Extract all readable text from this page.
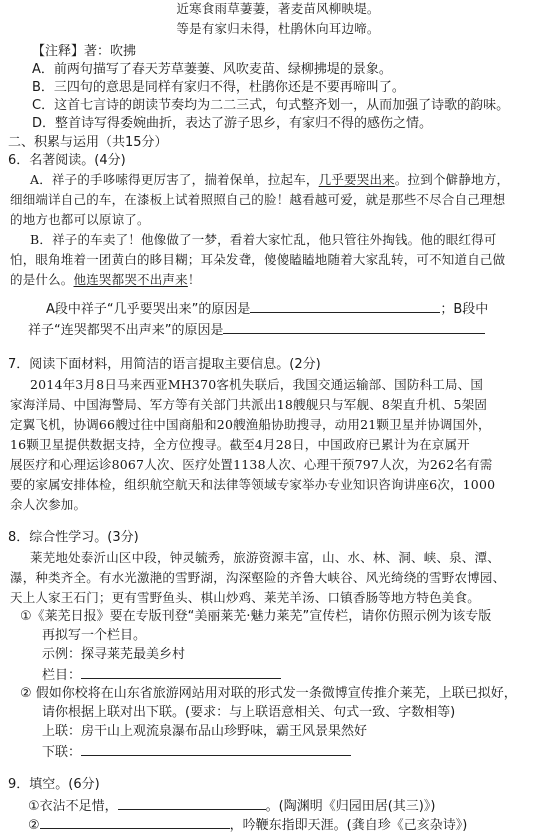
近寒食雨草萋萋，著麦苗风柳映堤。
等是有家归未得，杜鹃休向耳边啼。
【注释】著：吹拂
A．前两句描写了春天芳草萋萋、风吹麦苗、绿柳拂堤的景象。
B．三四句的意思是同样有家归不得，杜鹃你还是不要再啼叫了。
C．这首七言诗的朗读节奏均为二二三式，句式整齐划一，从而加强了诗歌的韵味。
D．整首诗写得委婉曲折，表达了游子思乡，有家归不得的感伤之情。
二、积累与运用（共15分）
6．名著阅读。(4分)
A．祥子的手哆嗦得更厉害了，揣着保单，拉起车，几乎要哭出来。拉到个僻静地方，
细细端详自己的车，在漆板上试着照照自己的脸！越看越可爱，就是那些不尽合自己理想
的地方也都可以原谅了。
B．祥子的车卖了！他像做了一梦，看着大家忙乱，他只管往外掏钱。他的眼红得可
怕，眼角堆着一团黄白的眵目糊；耳朵发聋，傻傻瞌瞌地随着大家乱转，可不知道自己做
的是什么。他连哭都哭不出声来！
A段中祥子“几乎要哭出来”的原因是	；B段中
祥子“连哭都哭不出声来”的原因是
7．阅读下面材料，用简洁的语言提取主要信息。(2分)
2014年3月8日马来西亚MH370客机失联后，我国交通运输部、国防科工局、国
家海洋局、中国海警局、军方等有关部门共派出18艘舰只与军舰、8架直升机、5架固
定翼飞机，协调66艘过往中国商船和20艘渔船协助搜寻，动用21颗卫星并协调国外，
16颗卫星提供数据支持，全方位搜寻。截至4月28日，中国政府已累计为在京属开
展医疗和心理运诊8067人次、医疗处置1138人次、心理干预797人次，为262名有需
要的家属安排体检，组织航空航天和法律等领域专家举办专业知识咨询讲座6次，1000
余人次参加。
8．综合性学习。(3分)
莱芜地处泰沂山区中段，钟灵毓秀，旅游资源丰富，山、水、林、洞、峡、泉、潭、
瀑，种类齐全。有水光激滟的雪野湖，沟深壑险的齐鲁大峡谷、风光绮绕的雪野农博园、
天上人家王石门；更有雪野鱼头、棋山炒鸡、莱芜羊汤、口镇香肠等地方特色美食。
①《莱芜日报》要在专版刊登“美丽莱芜·魅力莱芜”宣传栏，请你仿照示例为该专版
再拟写一个栏目。
示例：探寻莱芜最美乡村
栏目：
② 假如你校将在山东省旅游网站用对联的形式发一条微博宣传推介莱芜，上联已拟好，
请你根据上联对出下联。(要求：与上联语意相关、句式一致、字数相等)
上联：房干山上观流泉瀑布品山珍野味，霸王风景果然好
下联：
9．填空。(6分)
①衣沾不足惜，	。(陶渊明《归园田居(其三)》)
②	，吟鞭东指即天涯。(龚自珍《己亥杂诗》)
